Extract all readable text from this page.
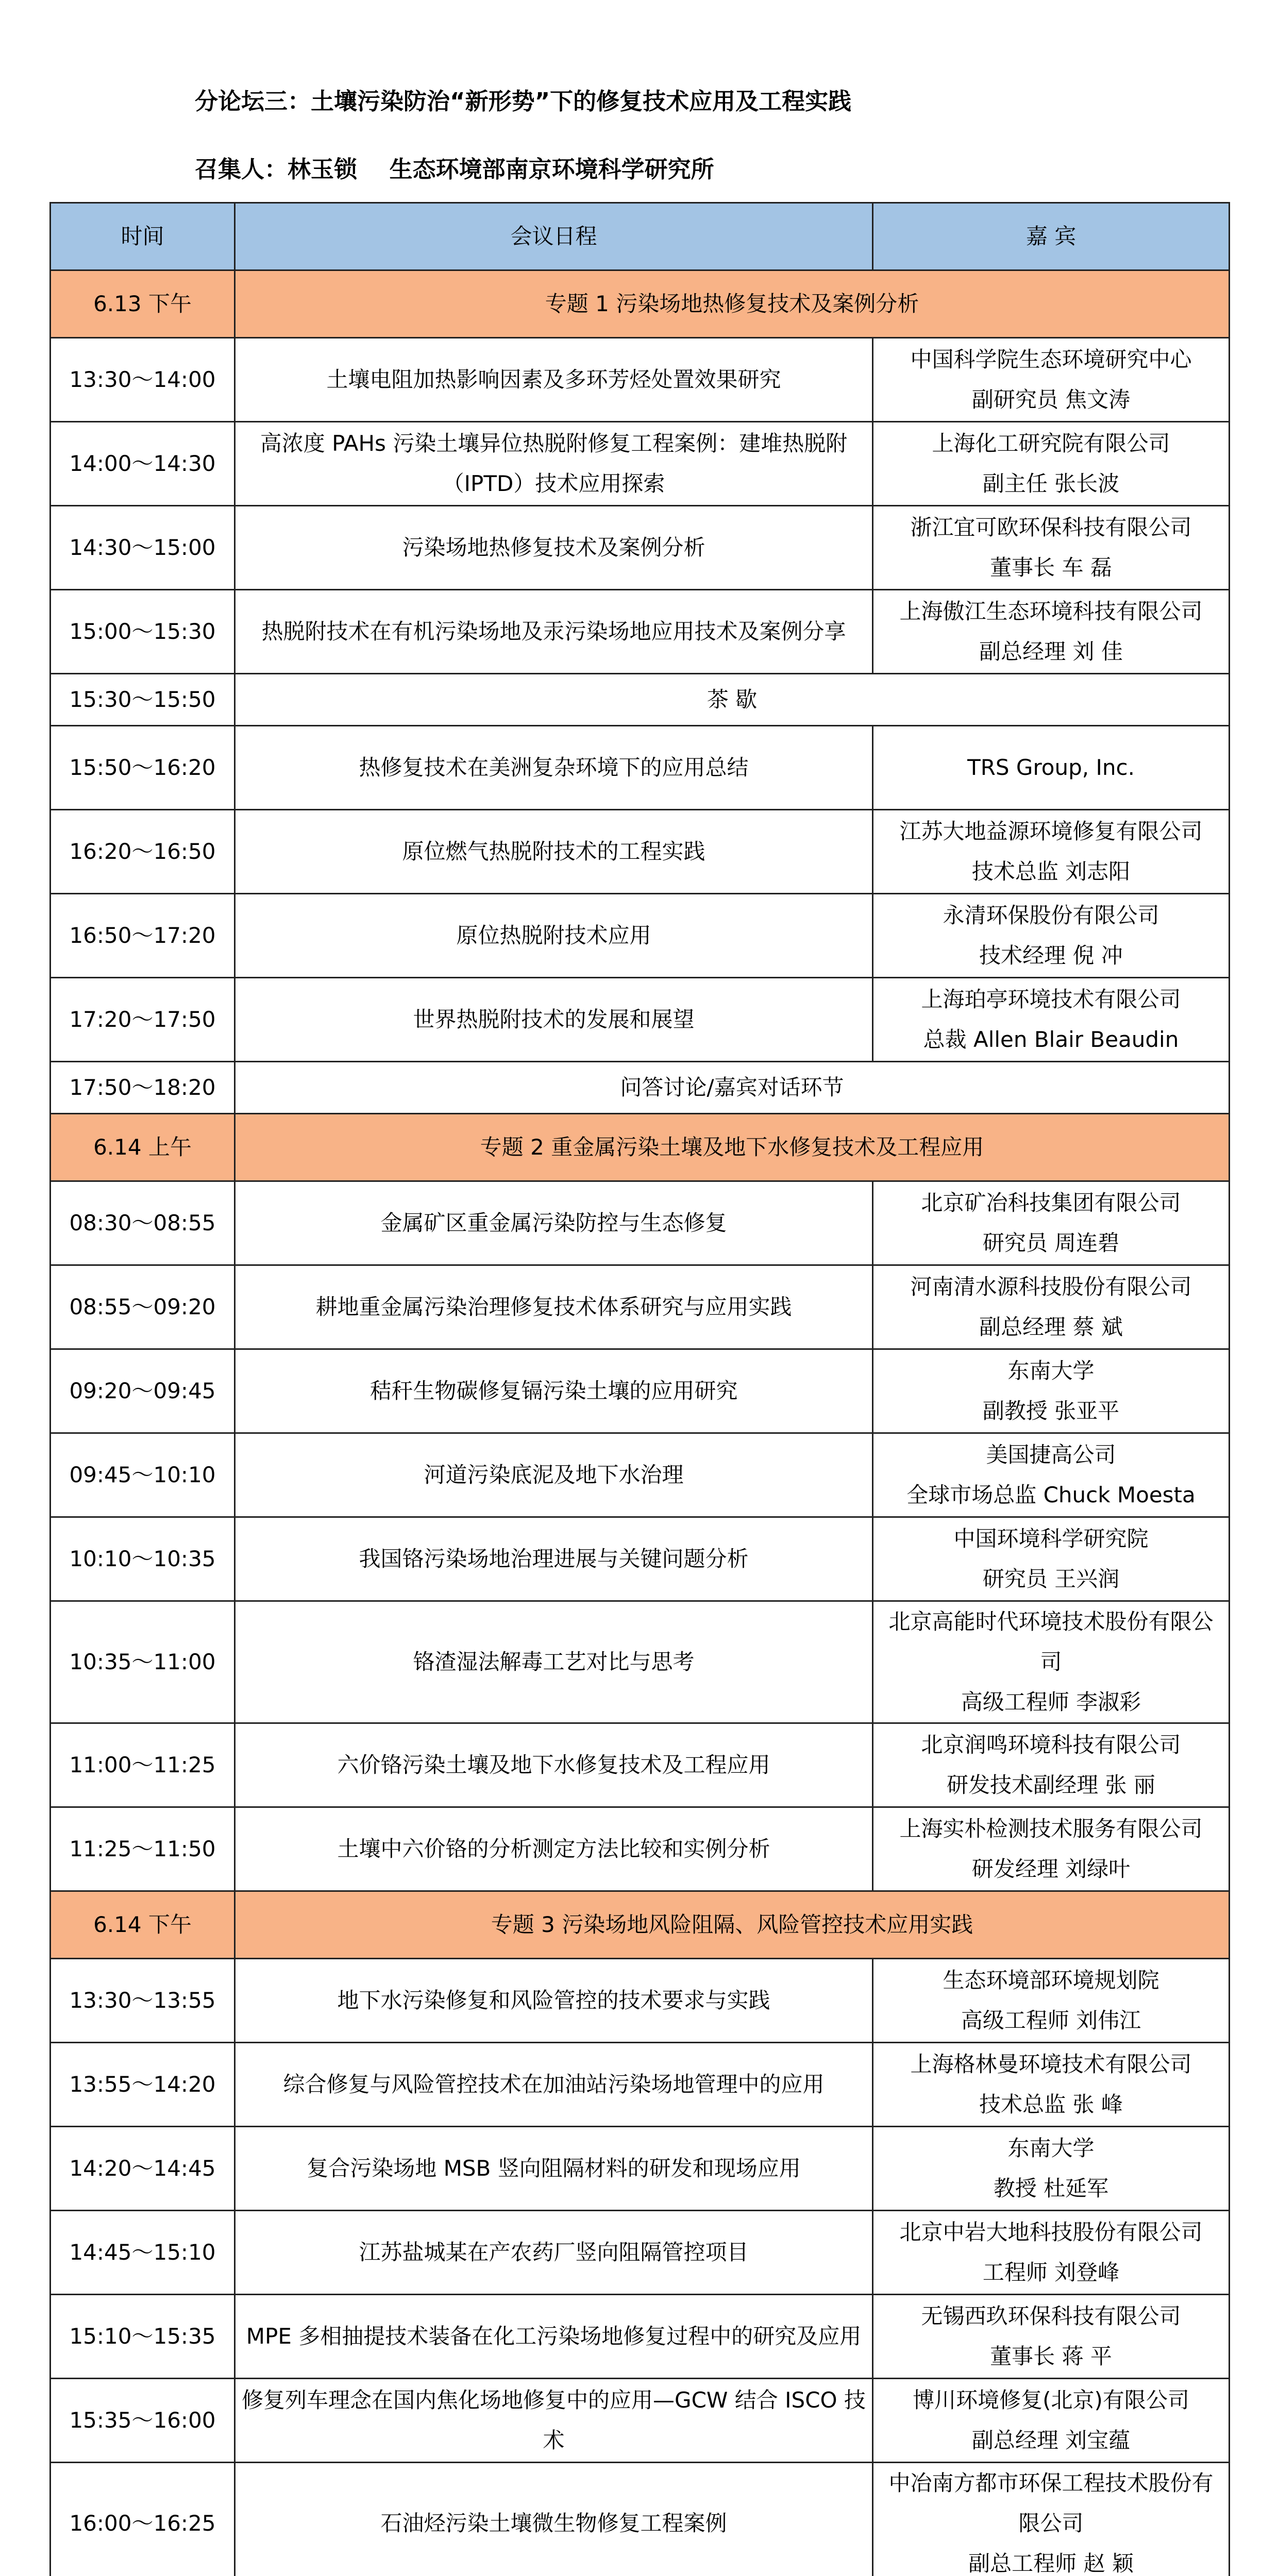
分论坛三：土壤污染防治“新形势”下的修复技术应用及工程实践
召集人：林玉锁    生态环境部南京环境科学研究所
时间	会议日程	嘉 宾
6.13 下午	专题 1 污染场地热修复技术及案例分析	
13:30～14:00	土壤电阻加热影响因素及多环芳烃处置效果研究	中国科学院生态环境研究中心
副研究员 焦文涛

14:00～14:30	高浓度 PAHs 污染土壤异位热脱附修复工程案例：建堆热脱附（IPTD）技术应用探索	上海化工研究院有限公司
副主任 张长波

14:30～15:00	污染场地热修复技术及案例分析	浙江宜可欧环保科技有限公司
董事长 车 磊

15:00～15:30	热脱附技术在有机污染场地及汞污染场地应用技术及案例分享	上海傲江生态环境科技有限公司
副总经理 刘 佳

15:30～15:50	茶 歇	
15:50～16:20	热修复技术在美洲复杂环境下的应用总结	TRS Group, Inc.

16:20～16:50	原位燃气热脱附技术的工程实践	江苏大地益源环境修复有限公司
技术总监 刘志阳

16:50～17:20	原位热脱附技术应用	永清环保股份有限公司
技术经理 倪 冲

17:20～17:50	世界热脱附技术的发展和展望	上海珀亭环境技术有限公司
总裁 Allen Blair Beaudin

17:50～18:20	问答讨论/嘉宾对话环节	
6.14 上午	专题 2 重金属污染土壤及地下水修复技术及工程应用	
08:30～08:55	金属矿区重金属污染防控与生态修复	北京矿冶科技集团有限公司
研究员 周连碧

08:55～09:20	耕地重金属污染治理修复技术体系研究与应用实践	河南清水源科技股份有限公司
副总经理 蔡 斌

09:20～09:45	秸秆生物碳修复镉污染土壤的应用研究	东南大学
副教授 张亚平

09:45～10:10	河道污染底泥及地下水治理	美国捷高公司
全球市场总监 Chuck Moesta

10:10～10:35	我国铬污染场地治理进展与关键问题分析	中国环境科学研究院
研究员 王兴润

10:35～11:00	铬渣湿法解毒工艺对比与思考	北京高能时代环境技术股份有限公司
高级工程师 李淑彩

11:00～11:25	六价铬污染土壤及地下水修复技术及工程应用	北京润鸣环境科技有限公司
研发技术副经理 张 丽

11:25～11:50	土壤中六价铬的分析测定方法比较和实例分析	上海实朴检测技术服务有限公司
研发经理 刘绿叶

6.14 下午	专题 3 污染场地风险阻隔、风险管控技术应用实践	
13:30～13:55	地下水污染修复和风险管控的技术要求与实践	生态环境部环境规划院
高级工程师 刘伟江

13:55～14:20	综合修复与风险管控技术在加油站污染场地管理中的应用	上海格林曼环境技术有限公司
技术总监 张 峰

14:20～14:45	复合污染场地 MSB 竖向阻隔材料的研发和现场应用	东南大学
教授 杜延军

14:45～15:10	江苏盐城某在产农药厂竖向阻隔管控项目	北京中岩大地科技股份有限公司
工程师 刘登峰

15:10～15:35	MPE 多相抽提技术装备在化工污染场地修复过程中的研究及应用	无锡西玖环保科技有限公司
董事长 蒋 平

15:35～16:00	修复列车理念在国内焦化场地修复中的应用—GCW 结合 ISCO 技术	博川环境修复(北京)有限公司
副总经理 刘宝蕴

16:00～16:25	石油烃污染土壤微生物修复工程案例	中冶南方都市环保工程技术股份有限公司
副总工程师 赵 颖
